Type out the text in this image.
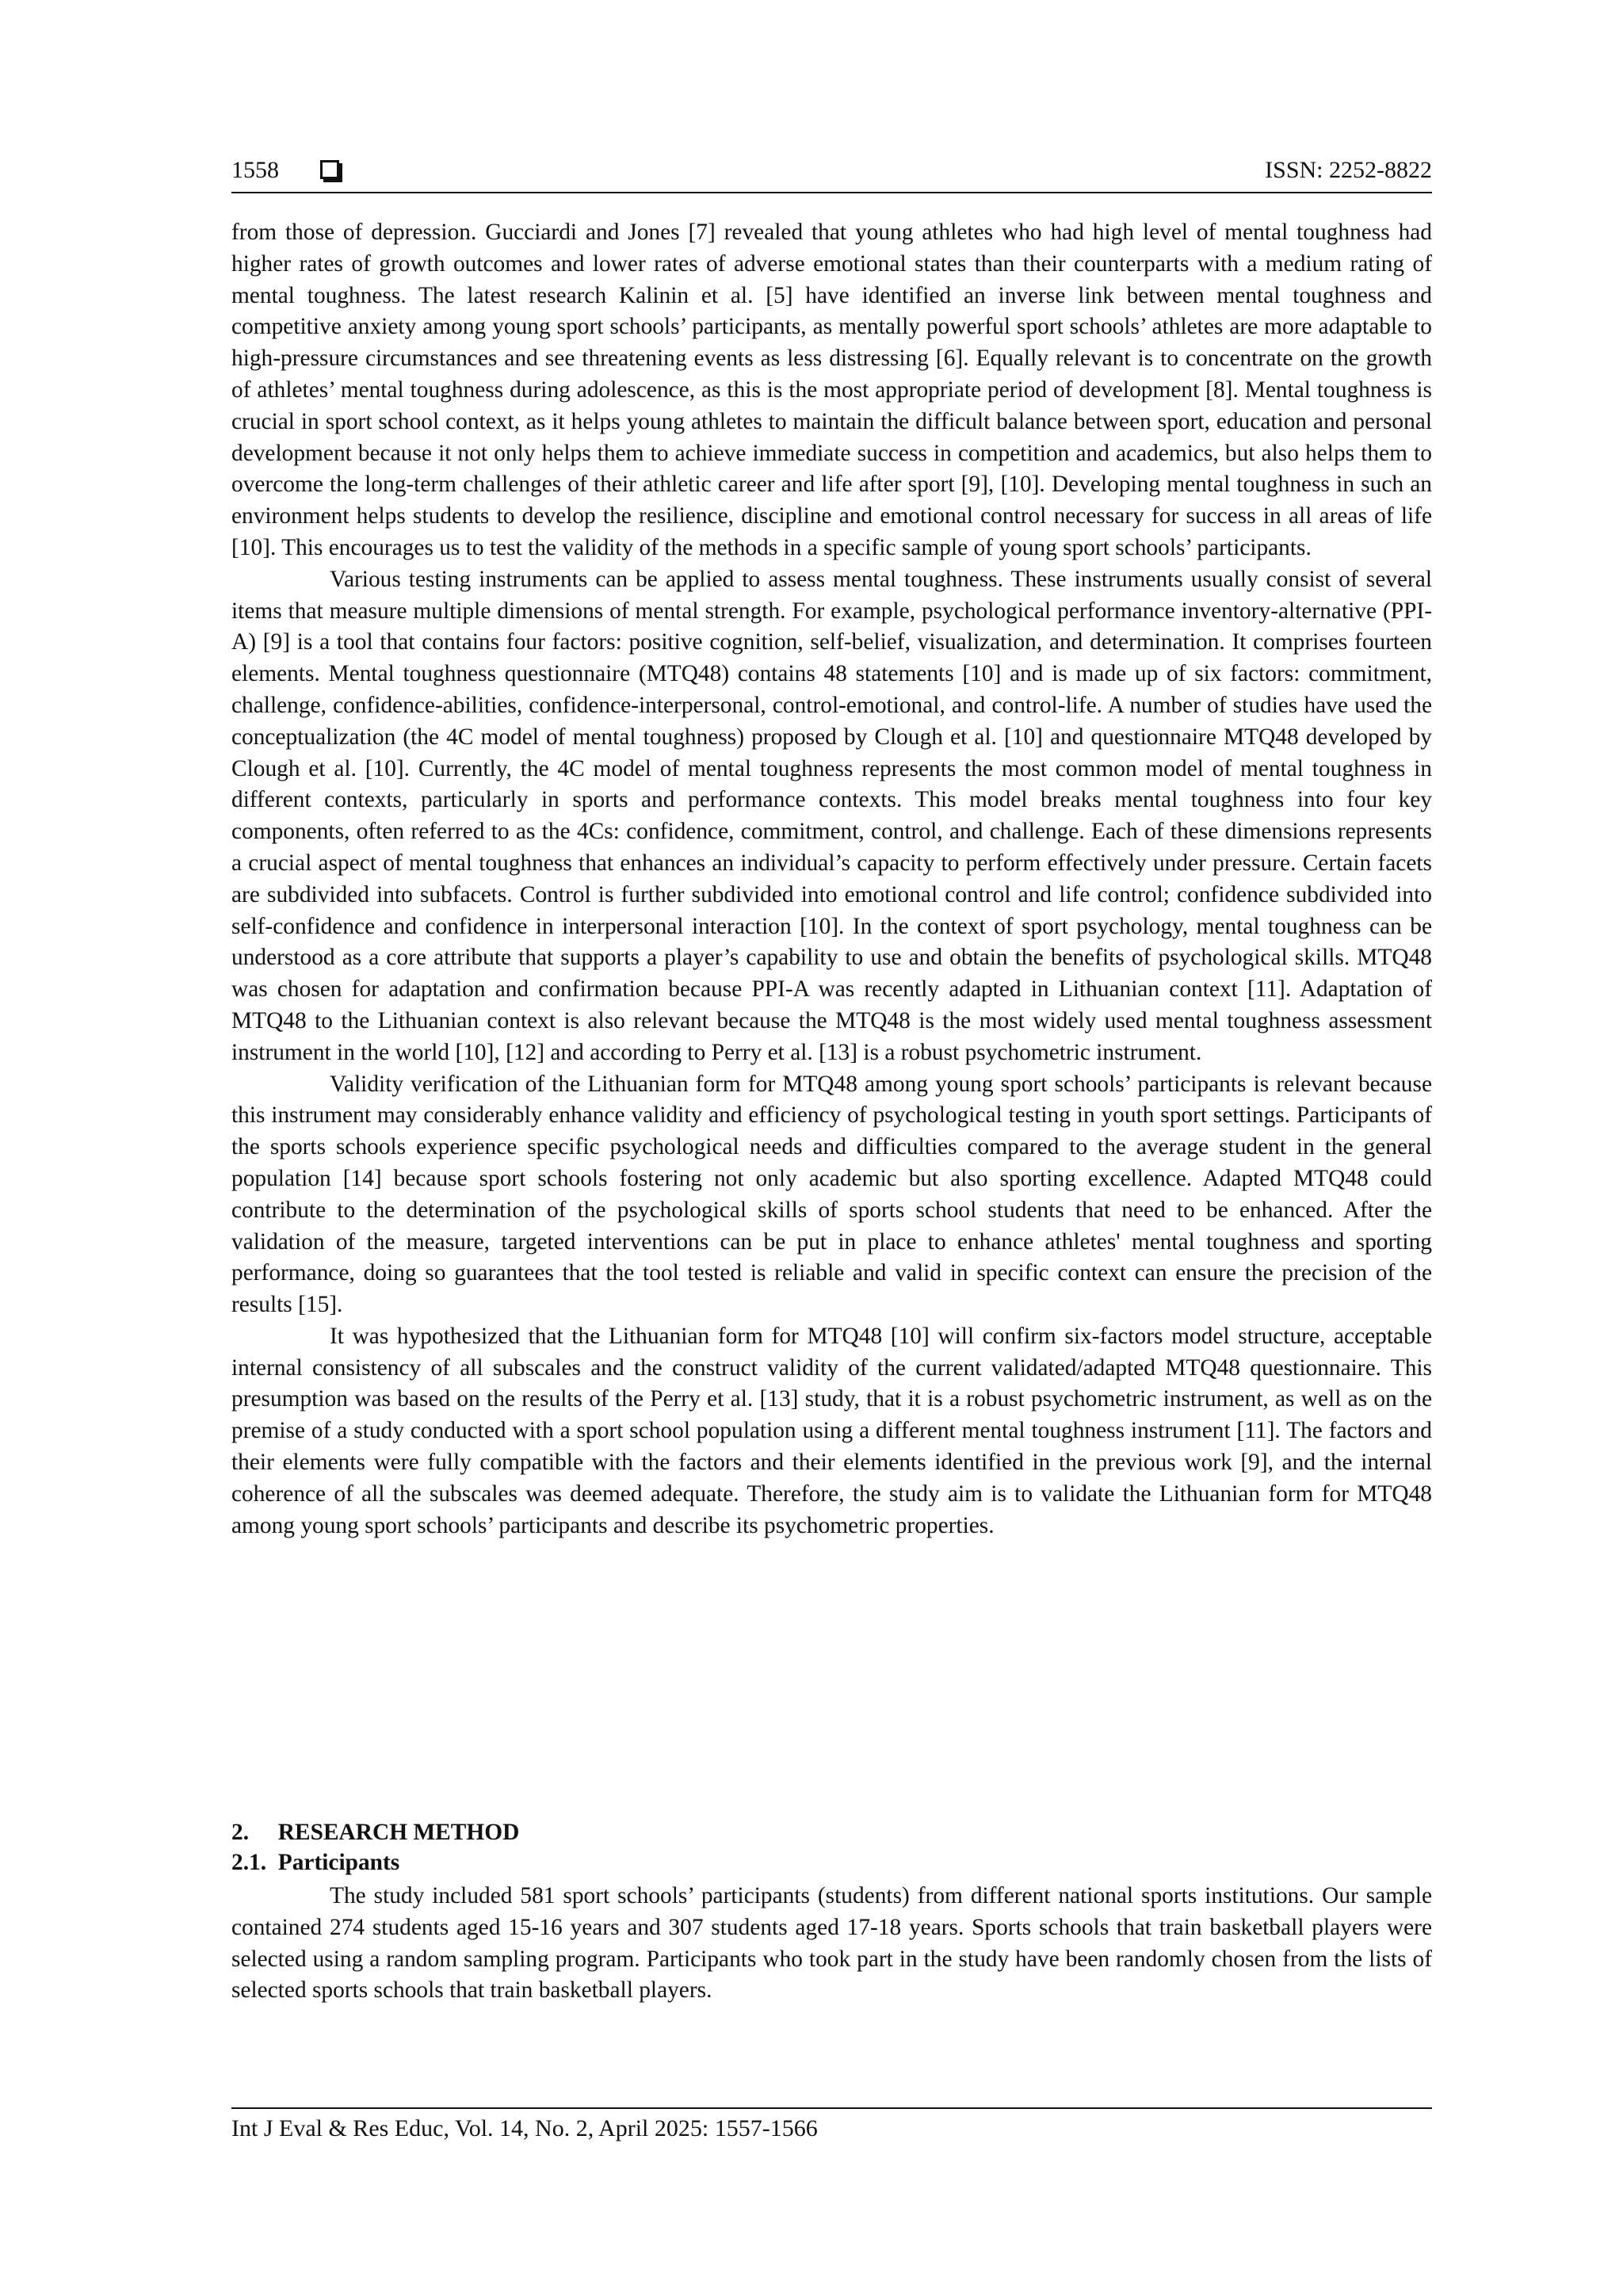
1558	ISSN: 2252-8822

from those of depression. Gucciardi and Jones [7] revealed that young athletes who had high level of mental toughness had higher rates of growth outcomes and lower rates of adverse emotional states than their counterparts with a medium rating of mental toughness. The latest research Kalinin et al. [5] have identified an inverse link between mental toughness and competitive anxiety among young sport schools’ participants, as mentally powerful sport schools’ athletes are more adaptable to high-pressure circumstances and see threatening events as less distressing [6]. Equally relevant is to concentrate on the growth of athletes’ mental toughness during adolescence, as this is the most appropriate period of development [8]. Mental toughness is crucial in sport school context, as it helps young athletes to maintain the difficult balance between sport, education and personal development because it not only helps them to achieve immediate success in competition and academics, but also helps them to overcome the long-term challenges of their athletic career and life after sport [9], [10]. Developing mental toughness in such an environment helps students to develop the resilience, discipline and emotional control necessary for success in all areas of life [10]. This encourages us to test the validity of the methods in a specific sample of young sport schools’ participants.

Various testing instruments can be applied to assess mental toughness. These instruments usually consist of several items that measure multiple dimensions of mental strength. For example, psychological performance inventory-alternative (PPI-A) [9] is a tool that contains four factors: positive cognition, self-belief, visualization, and determination. It comprises fourteen elements. Mental toughness questionnaire (MTQ48) contains 48 statements [10] and is made up of six factors: commitment, challenge, confidence-abilities, confidence-interpersonal, control-emotional, and control-life. A number of studies have used the conceptualization (the 4C model of mental toughness) proposed by Clough et al. [10] and questionnaire MTQ48 developed by Clough et al. [10]. Currently, the 4C model of mental toughness represents the most common model of mental toughness in different contexts, particularly in sports and performance contexts. This model breaks mental toughness into four key components, often referred to as the 4Cs: confidence, commitment, control, and challenge. Each of these dimensions represents a crucial aspect of mental toughness that enhances an individual’s capacity to perform effectively under pressure. Certain facets are subdivided into subfacets. Control is further subdivided into emotional control and life control; confidence subdivided into self-confidence and confidence in interpersonal interaction [10]. In the context of sport psychology, mental toughness can be understood as a core attribute that supports a player’s capability to use and obtain the benefits of psychological skills. MTQ48 was chosen for adaptation and confirmation because PPI-A was recently adapted in Lithuanian context [11]. Adaptation of MTQ48 to the Lithuanian context is also relevant because the MTQ48 is the most widely used mental toughness assessment instrument in the world [10], [12] and according to Perry et al. [13] is a robust psychometric instrument.

Validity verification of the Lithuanian form for MTQ48 among young sport schools’ participants is relevant because this instrument may considerably enhance validity and efficiency of psychological testing in youth sport settings. Participants of the sports schools experience specific psychological needs and difficulties compared to the average student in the general population [14] because sport schools fostering not only academic but also sporting excellence. Adapted MTQ48 could contribute to the determination of the psychological skills of sports school students that need to be enhanced. After the validation of the measure, targeted interventions can be put in place to enhance athletes' mental toughness and sporting performance, doing so guarantees that the tool tested is reliable and valid in specific context can ensure the precision of the results [15].

It was hypothesized that the Lithuanian form for MTQ48 [10] will confirm six-factors model structure, acceptable internal consistency of all subscales and the construct validity of the current validated/adapted MTQ48 questionnaire. This presumption was based on the results of the Perry et al. [13] study, that it is a robust psychometric instrument, as well as on the premise of a study conducted with a sport school population using a different mental toughness instrument [11]. The factors and their elements were fully compatible with the factors and their elements identified in the previous work [9], and the internal coherence of all the subscales was deemed adequate. Therefore, the study aim is to validate the Lithuanian form for MTQ48 among young sport schools’ participants and describe its psychometric properties.

2.     RESEARCH METHOD
2.1.  Participants

The study included 581 sport schools’ participants (students) from different national sports institutions. Our sample contained 274 students aged 15-16 years and 307 students aged 17-18 years. Sports schools that train basketball players were selected using a random sampling program. Participants who took part in the study have been randomly chosen from the lists of selected sports schools that train basketball players.

Int J Eval & Res Educ, Vol. 14, No. 2, April 2025: 1557-1566
